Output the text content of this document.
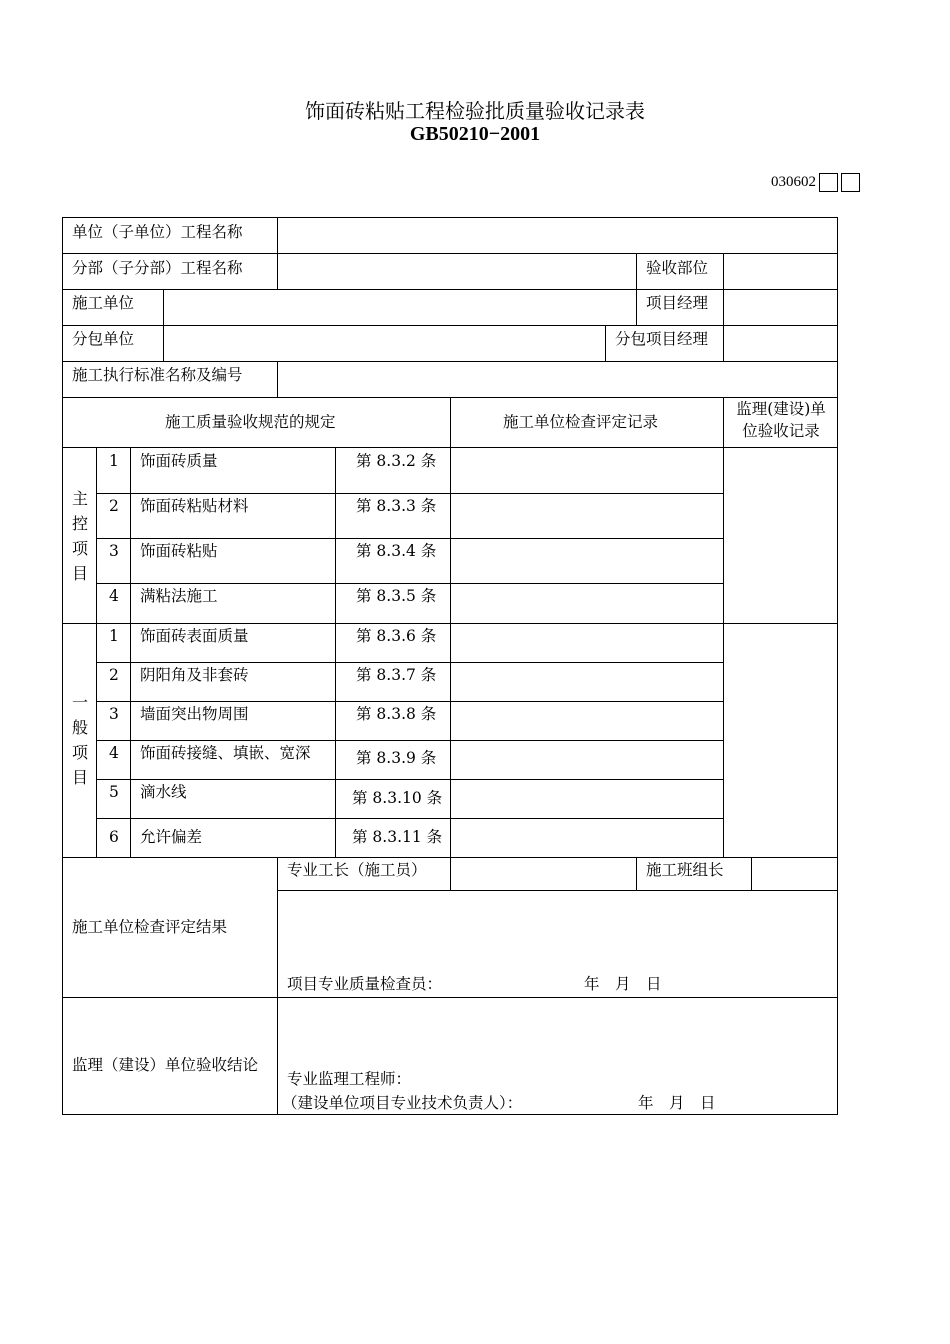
饰面砖粘贴工程检验批质量验收记录表
GB50210−2001
030602
单位（子单位）工程名称
分部（子分部）工程名称	验收部位
施工单位	项目经理
分包单位	分包项目经理
施工执行标准名称及编号
施工质量验收规范的规定	施工单位检查评定记录
监理(建设)单
位验收记录
主
控
项
目
1 饰面砖质量	第 8.3.2 条
2 饰面砖粘贴材料	第 8.3.3 条
3 饰面砖粘贴	第 8.3.4 条
4 满粘法施工	第 8.3.5 条
一
般
项
目
1 饰面砖表面质量	第 8.3.6 条
2 阴阳角及非套砖	第 8.3.7 条
3 墙面突出物周围	第 8.3.8 条
4 饰面砖接缝、填嵌、宽深	第 8.3.9 条
5 滴水线	第 8.3.10 条
6 允许偏差	第 8.3.11 条
施工单位检查评定结果
专业工长（施工员）	施工班组长
项目专业质量检查员：	年　月　日
监理（建设）单位验收结论
专业监理工程师：
（建设单位项目专业技术负责人）：	年　月　日
